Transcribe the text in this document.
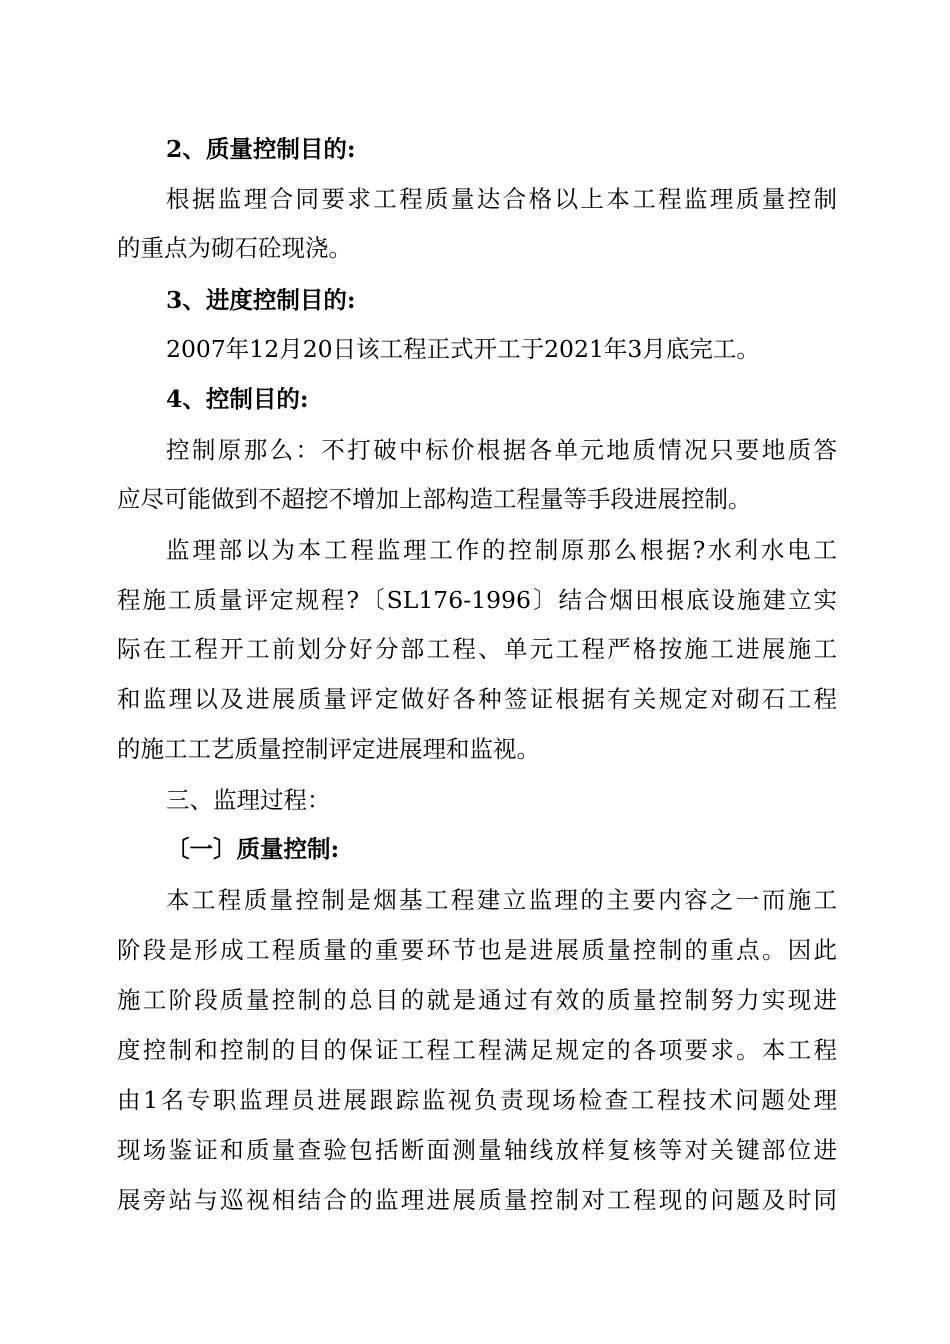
2、质量控制目的:
根据监理合同要求工程质量达合格以上本工程监理质量控制
的重点为砌石砼现浇。
3、进度控制目的:
2007年12月20日该工程正式开工于2021年3月底完工。
4、控制目的:
控制原那么：不打破中标价根据各单元地质情况只要地质答
应尽可能做到不超挖不增加上部构造工程量等手段进展控制。
监理部以为本工程监理工作的控制原那么根据?水利水电工
程施工质量评定规程?〔SL176-1996〕结合烟田根底设施建立实
际在工程开工前划分好分部工程、单元工程严格按施工进展施工
和监理以及进展质量评定做好各种签证根据有关规定对砌石工程
的施工工艺质量控制评定进展理和监视。
三、监理过程：
〔一〕质量控制:
本工程质量控制是烟基工程建立监理的主要内容之一而施工
阶段是形成工程质量的重要环节也是进展质量控制的重点。因此
施工阶段质量控制的总目的就是通过有效的质量控制努力实现进
度控制和控制的目的保证工程工程满足规定的各项要求。本工程
由1名专职监理员进展跟踪监视负责现场检查工程技术问题处理
现场鉴证和质量查验包括断面测量轴线放样复核等对关键部位进
展旁站与巡视相结合的监理进展质量控制对工程现的问题及时同
